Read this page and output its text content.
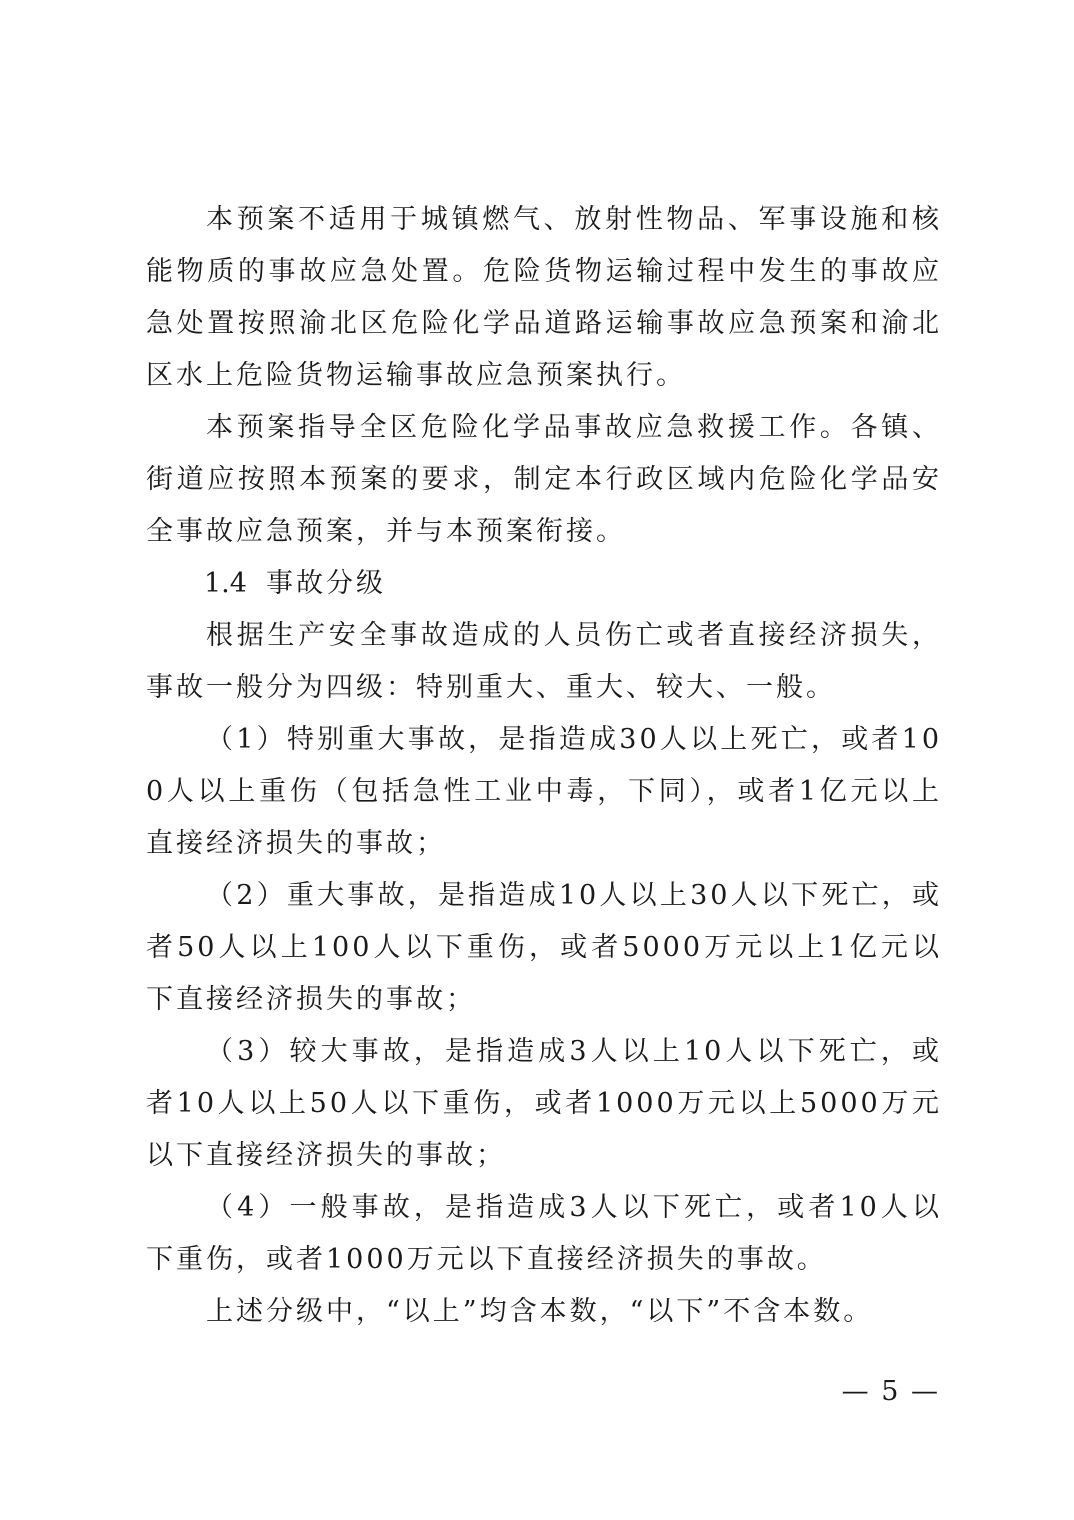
本预案不适用于城镇燃气、放射性物品、军事设施和核能物质的事故应急处置。危险货物运输过程中发生的事故应急处置按照渝北区危险化学品道路运输事故应急预案和渝北区水上危险货物运输事故应急预案执行。

本预案指导全区危险化学品事故应急救援工作。各镇、街道应按照本预案的要求，制定本行政区域内危险化学品安全事故应急预案，并与本预案衔接。

1.4 事故分级

根据生产安全事故造成的人员伤亡或者直接经济损失，事故一般分为四级：特别重大、重大、较大、一般。

（1）特别重大事故，是指造成30人以上死亡，或者100人以上重伤（包括急性工业中毒，下同），或者1亿元以上直接经济损失的事故；

（2）重大事故，是指造成10人以上30人以下死亡，或者50人以上100人以下重伤，或者5000万元以上1亿元以下直接经济损失的事故；

（3）较大事故，是指造成3人以上10人以下死亡，或者10人以上50人以下重伤，或者1000万元以上5000万元以下直接经济损失的事故；

（4）一般事故，是指造成3人以下死亡，或者10人以下重伤，或者1000万元以下直接经济损失的事故。

上述分级中，“以上”均含本数，“以下”不含本数。

— 5 —
